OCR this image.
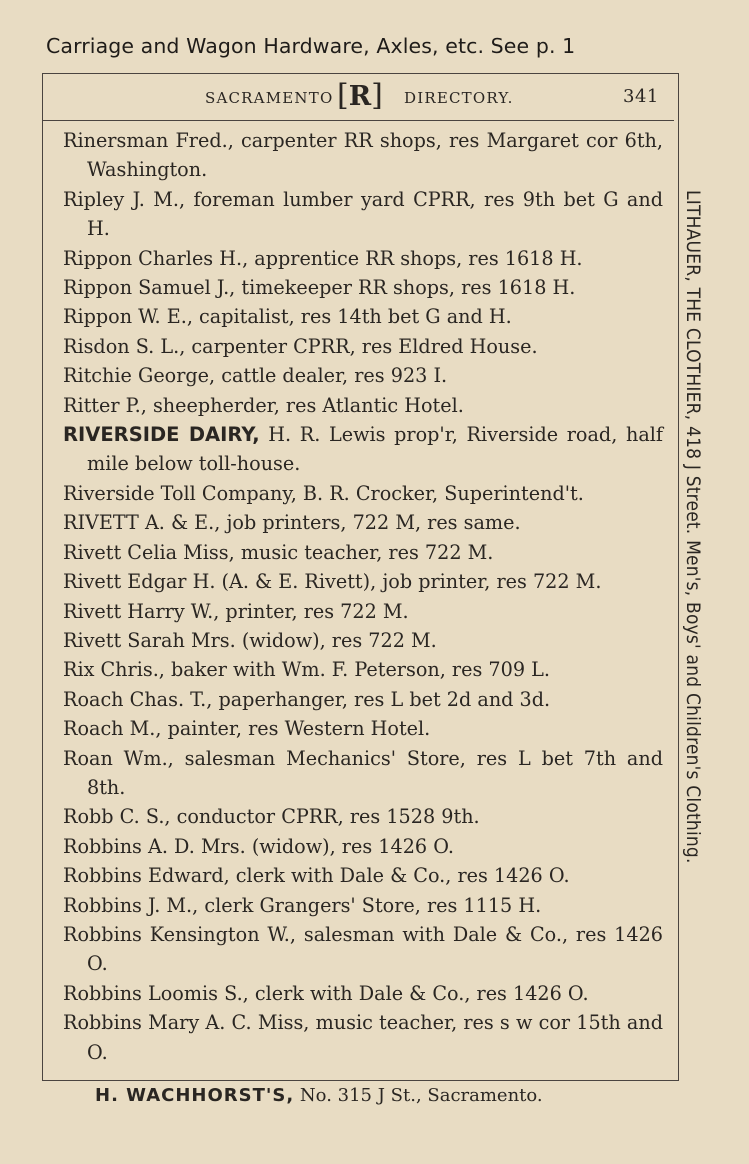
Carriage and Wagon Hardware, Axles, etc. See p. 1
SACRAMENTO [R] DIRECTORY.	341
Rinersman Fred., carpenter RR shops, res Margaret cor 6th, Washington.
Ripley J. M., foreman lumber yard CPRR, res 9th bet G and H.
Rippon Charles H., apprentice RR shops, res 1618 H.
Rippon Samuel J., timekeeper RR shops, res 1618 H.
Rippon W. E., capitalist, res 14th bet G and H.
Risdon S. L., carpenter CPRR, res Eldred House.
Ritchie George, cattle dealer, res 923 I.
Ritter P., sheepherder, res Atlantic Hotel.
RIVERSIDE DAIRY, H. R. Lewis prop'r, Riverside road, half mile below toll-house.
Riverside Toll Company, B. R. Crocker, Superintend't.
RIVETT A. & E., job printers, 722 M, res same.
Rivett Celia Miss, music teacher, res 722 M.
Rivett Edgar H. (A. & E. Rivett), job printer, res 722 M.
Rivett Harry W., printer, res 722 M.
Rivett Sarah Mrs. (widow), res 722 M.
Rix Chris., baker with Wm. F. Peterson, res 709 L.
Roach Chas. T., paperhanger, res L bet 2d and 3d.
Roach M., painter, res Western Hotel.
Roan Wm., salesman Mechanics' Store, res L bet 7th and 8th.
Robb C. S., conductor CPRR, res 1528 9th.
Robbins A. D. Mrs. (widow), res 1426 O.
Robbins Edward, clerk with Dale & Co., res 1426 O.
Robbins J. M., clerk Grangers' Store, res 1115 H.
Robbins Kensington W., salesman with Dale & Co., res 1426 O.
Robbins Loomis S., clerk with Dale & Co., res 1426 O.
Robbins Mary A. C. Miss, music teacher, res s w cor 15th and O.
LITHAUER, THE CLOTHIER, 418 J Street. Men's, Boys' and Children's Clothing.
H. WACHHORST'S, No. 315 J St., Sacramento.
